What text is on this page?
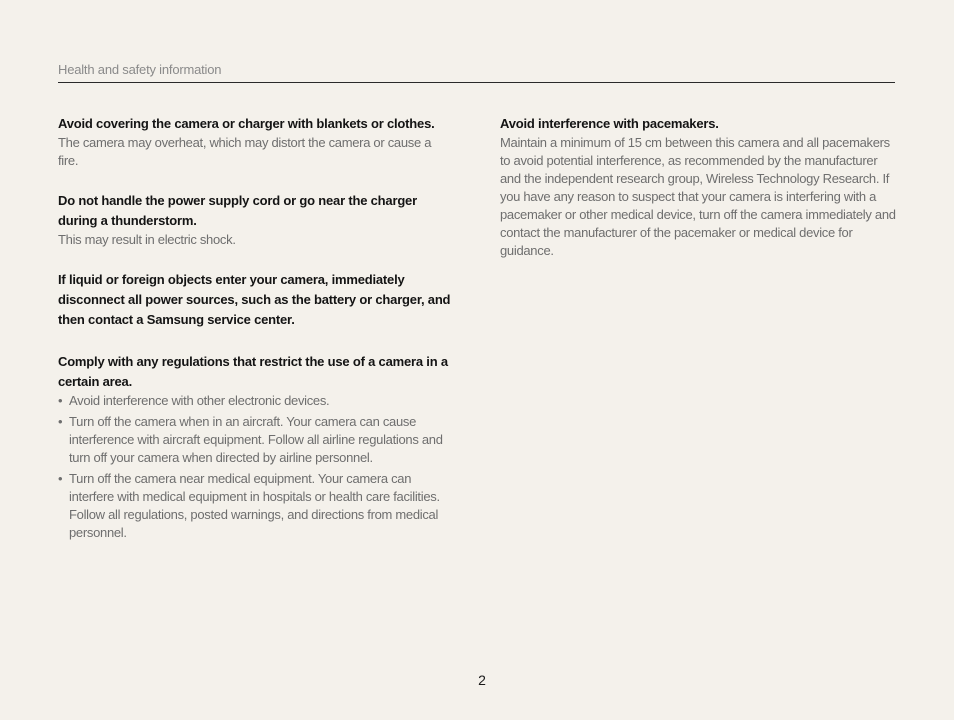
Health and safety information

Avoid covering the camera or charger with blankets or clothes.

The camera may overheat, which may distort the camera or cause a fire.

Do not handle the power supply cord or go near the charger during a thunderstorm.

This may result in electric shock.

If liquid or foreign objects enter your camera, immediately disconnect all power sources, such as the battery or charger, and then contact a Samsung service center.

Comply with any regulations that restrict the use of a camera in a certain area.

• Avoid interference with other electronic devices.
• Turn off the camera when in an aircraft. Your camera can cause interference with aircraft equipment. Follow all airline regulations and turn off your camera when directed by airline personnel.
• Turn off the camera near medical equipment. Your camera can interfere with medical equipment in hospitals or health care facilities. Follow all regulations, posted warnings, and directions from medical personnel.

Avoid interference with pacemakers.

Maintain a minimum of 15 cm between this camera and all pacemakers to avoid potential interference, as recommended by the manufacturer and the independent research group, Wireless Technology Research. If you have any reason to suspect that your camera is interfering with a pacemaker or other medical device, turn off the camera immediately and contact the manufacturer of the pacemaker or medical device for guidance.

2
